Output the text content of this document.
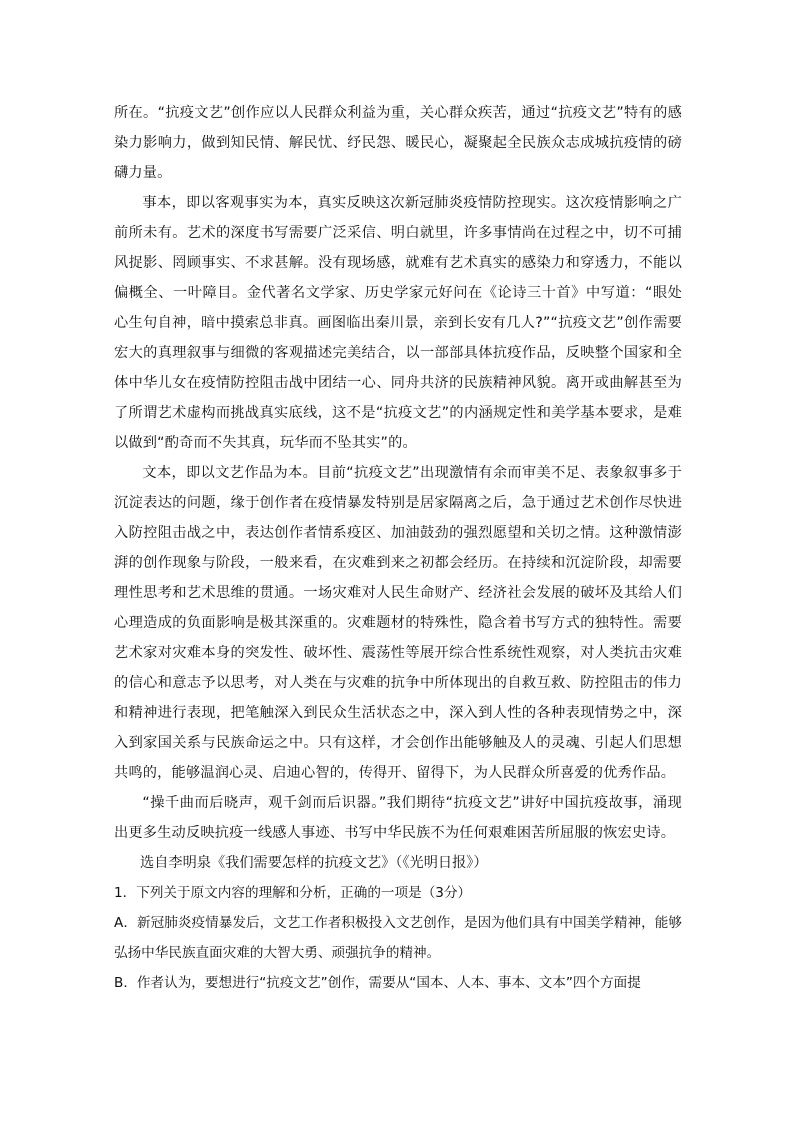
所在。“抗疫文艺”创作应以人民群众利益为重，关心群众疾苦，通过“抗疫文艺”特有的感染力影响力，做到知民情、解民忧、纾民怨、暖民心，凝聚起全民族众志成城抗疫情的磅礴力量。

事本，即以客观事实为本，真实反映这次新冠肺炎疫情防控现实。这次疫情影响之广前所未有。艺术的深度书写需要广泛采信、明白就里，许多事情尚在过程之中，切不可捕风捉影、罔顾事实、不求甚解。没有现场感，就难有艺术真实的感染力和穿透力，不能以偏概全、一叶障目。金代著名文学家、历史学家元好问在《论诗三十首》中写道：“眼处心生句自神，暗中摸索总非真。画图临出秦川景，亲到长安有几人?”“抗疫文艺”创作需要宏大的真理叙事与细微的客观描述完美结合，以一部部具体抗疫作品，反映整个国家和全体中华儿女在疫情防控阻击战中团结一心、同舟共济的民族精神风貌。离开或曲解甚至为了所谓艺术虚构而挑战真实底线，这不是“抗疫文艺”的内涵规定性和美学基本要求，是难以做到“酌奇而不失其真，玩华而不坠其实”的。

文本，即以文艺作品为本。目前“抗疫文艺”出现激情有余而审美不足、表象叙事多于沉淀表达的问题，缘于创作者在疫情暴发特别是居家隔离之后，急于通过艺术创作尽快进入防控阻击战之中，表达创作者情系疫区、加油鼓劲的强烈愿望和关切之情。这种激情澎湃的创作现象与阶段，一般来看，在灾难到来之初都会经历。在持续和沉淀阶段，却需要理性思考和艺术思维的贯通。一场灾难对人民生命财产、经济社会发展的破坏及其给人们心理造成的负面影响是极其深重的。灾难题材的特殊性，隐含着书写方式的独特性。需要艺术家对灾难本身的突发性、破坏性、震荡性等展开综合性系统性观察，对人类抗击灾难的信心和意志予以思考，对人类在与灾难的抗争中所体现出的自救互救、防控阻击的伟力和精神进行表现，把笔触深入到民众生活状态之中，深入到人性的各种表现情势之中，深入到家国关系与民族命运之中。只有这样，才会创作出能够触及人的灵魂、引起人们思想共鸣的，能够温润心灵、启迪心智的，传得开、留得下，为人民群众所喜爱的优秀作品。

“操千曲而后晓声，观千剑而后识器。”我们期待“抗疫文艺”讲好中国抗疫故事，涌现出更多生动反映抗疫一线感人事迹、书写中华民族不为任何艰难困苦所屈服的恢宏史诗。

选自李明泉《我们需要怎样的抗疫文艺》（《光明日报》）

1．下列关于原文内容的理解和分析，正确的一项是（3分）

A．新冠肺炎疫情暴发后，文艺工作者积极投入文艺创作，是因为他们具有中国美学精神，能够弘扬中华民族直面灾难的大智大勇、顽强抗争的精神。

B．作者认为，要想进行“抗疫文艺”创作，需要从“国本、人本、事本、文本”四个方面提
